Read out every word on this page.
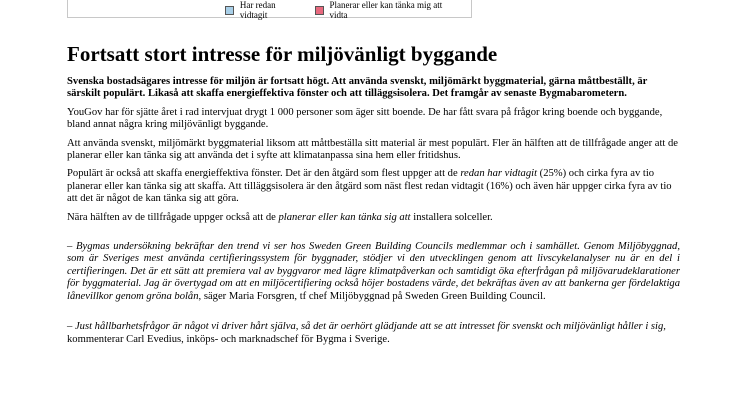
Har redan vidtagit
Planerar eller kan tänka mig att vidta
Fortsatt stort intresse för miljövänligt byggande

Svenska bostadsägares intresse för miljön är fortsatt högt. Att använda svenskt, miljömärkt byggmaterial, gärna måttbeställt, är särskilt populärt. Likaså att skaffa energieffektiva fönster och att tilläggsisolera. Det framgår av senaste Bygmabarometern.

YouGov har för sjätte året i rad intervjuat drygt 1 000 personer som äger sitt boende. De har fått svara på frågor kring boende och byggande, bland annat några kring miljövänligt byggande.

Att använda svenskt, miljömärkt byggmaterial liksom att måttbeställa sitt material är mest populärt. Fler än hälften att de tillfrågade anger att de planerar eller kan tänka sig att använda det i syfte att klimatanpassa sina hem eller fritidshus.

Populärt är också att skaffa energieffektiva fönster. Det är den åtgärd som flest uppger att de redan har vidtagit (25%) och cirka fyra av tio planerar eller kan tänka sig att skaffa. Att tilläggsisolera är den åtgärd som näst flest redan vidtagit (16%) och även här uppger cirka fyra av tio att det är något de kan tänka sig att göra.

Nära hälften av de tillfrågade uppger också att de planerar eller kan tänka sig att installera solceller.

– Bygmas undersökning bekräftar den trend vi ser hos Sweden Green Building Councils medlemmar och i samhället. Genom Miljöbyggnad, som är Sveriges mest använda certifieringssystem för byggnader, stödjer vi den utvecklingen genom att livscykelanalyser nu är en del i certifieringen. Det är ett sätt att premiera val av byggvaror med lägre klimatpåverkan och samtidigt öka efterfrågan på miljövarudeklarationer för byggmaterial. Jag är övertygad om att en miljöcertifiering också höjer bostadens värde, det bekräftas även av att bankerna ger fördelaktiga lånevillkor genom gröna bolån, säger Maria Forsgren, tf chef Miljöbyggnad på Sweden Green Building Council.

– Just hållbarhetsfrågor är något vi driver hårt själva, så det är oerhört glädjande att se att intresset för svenskt och miljövänligt håller i sig, kommenterar Carl Evedius, inköps- och marknadschef för Bygma i Sverige.
